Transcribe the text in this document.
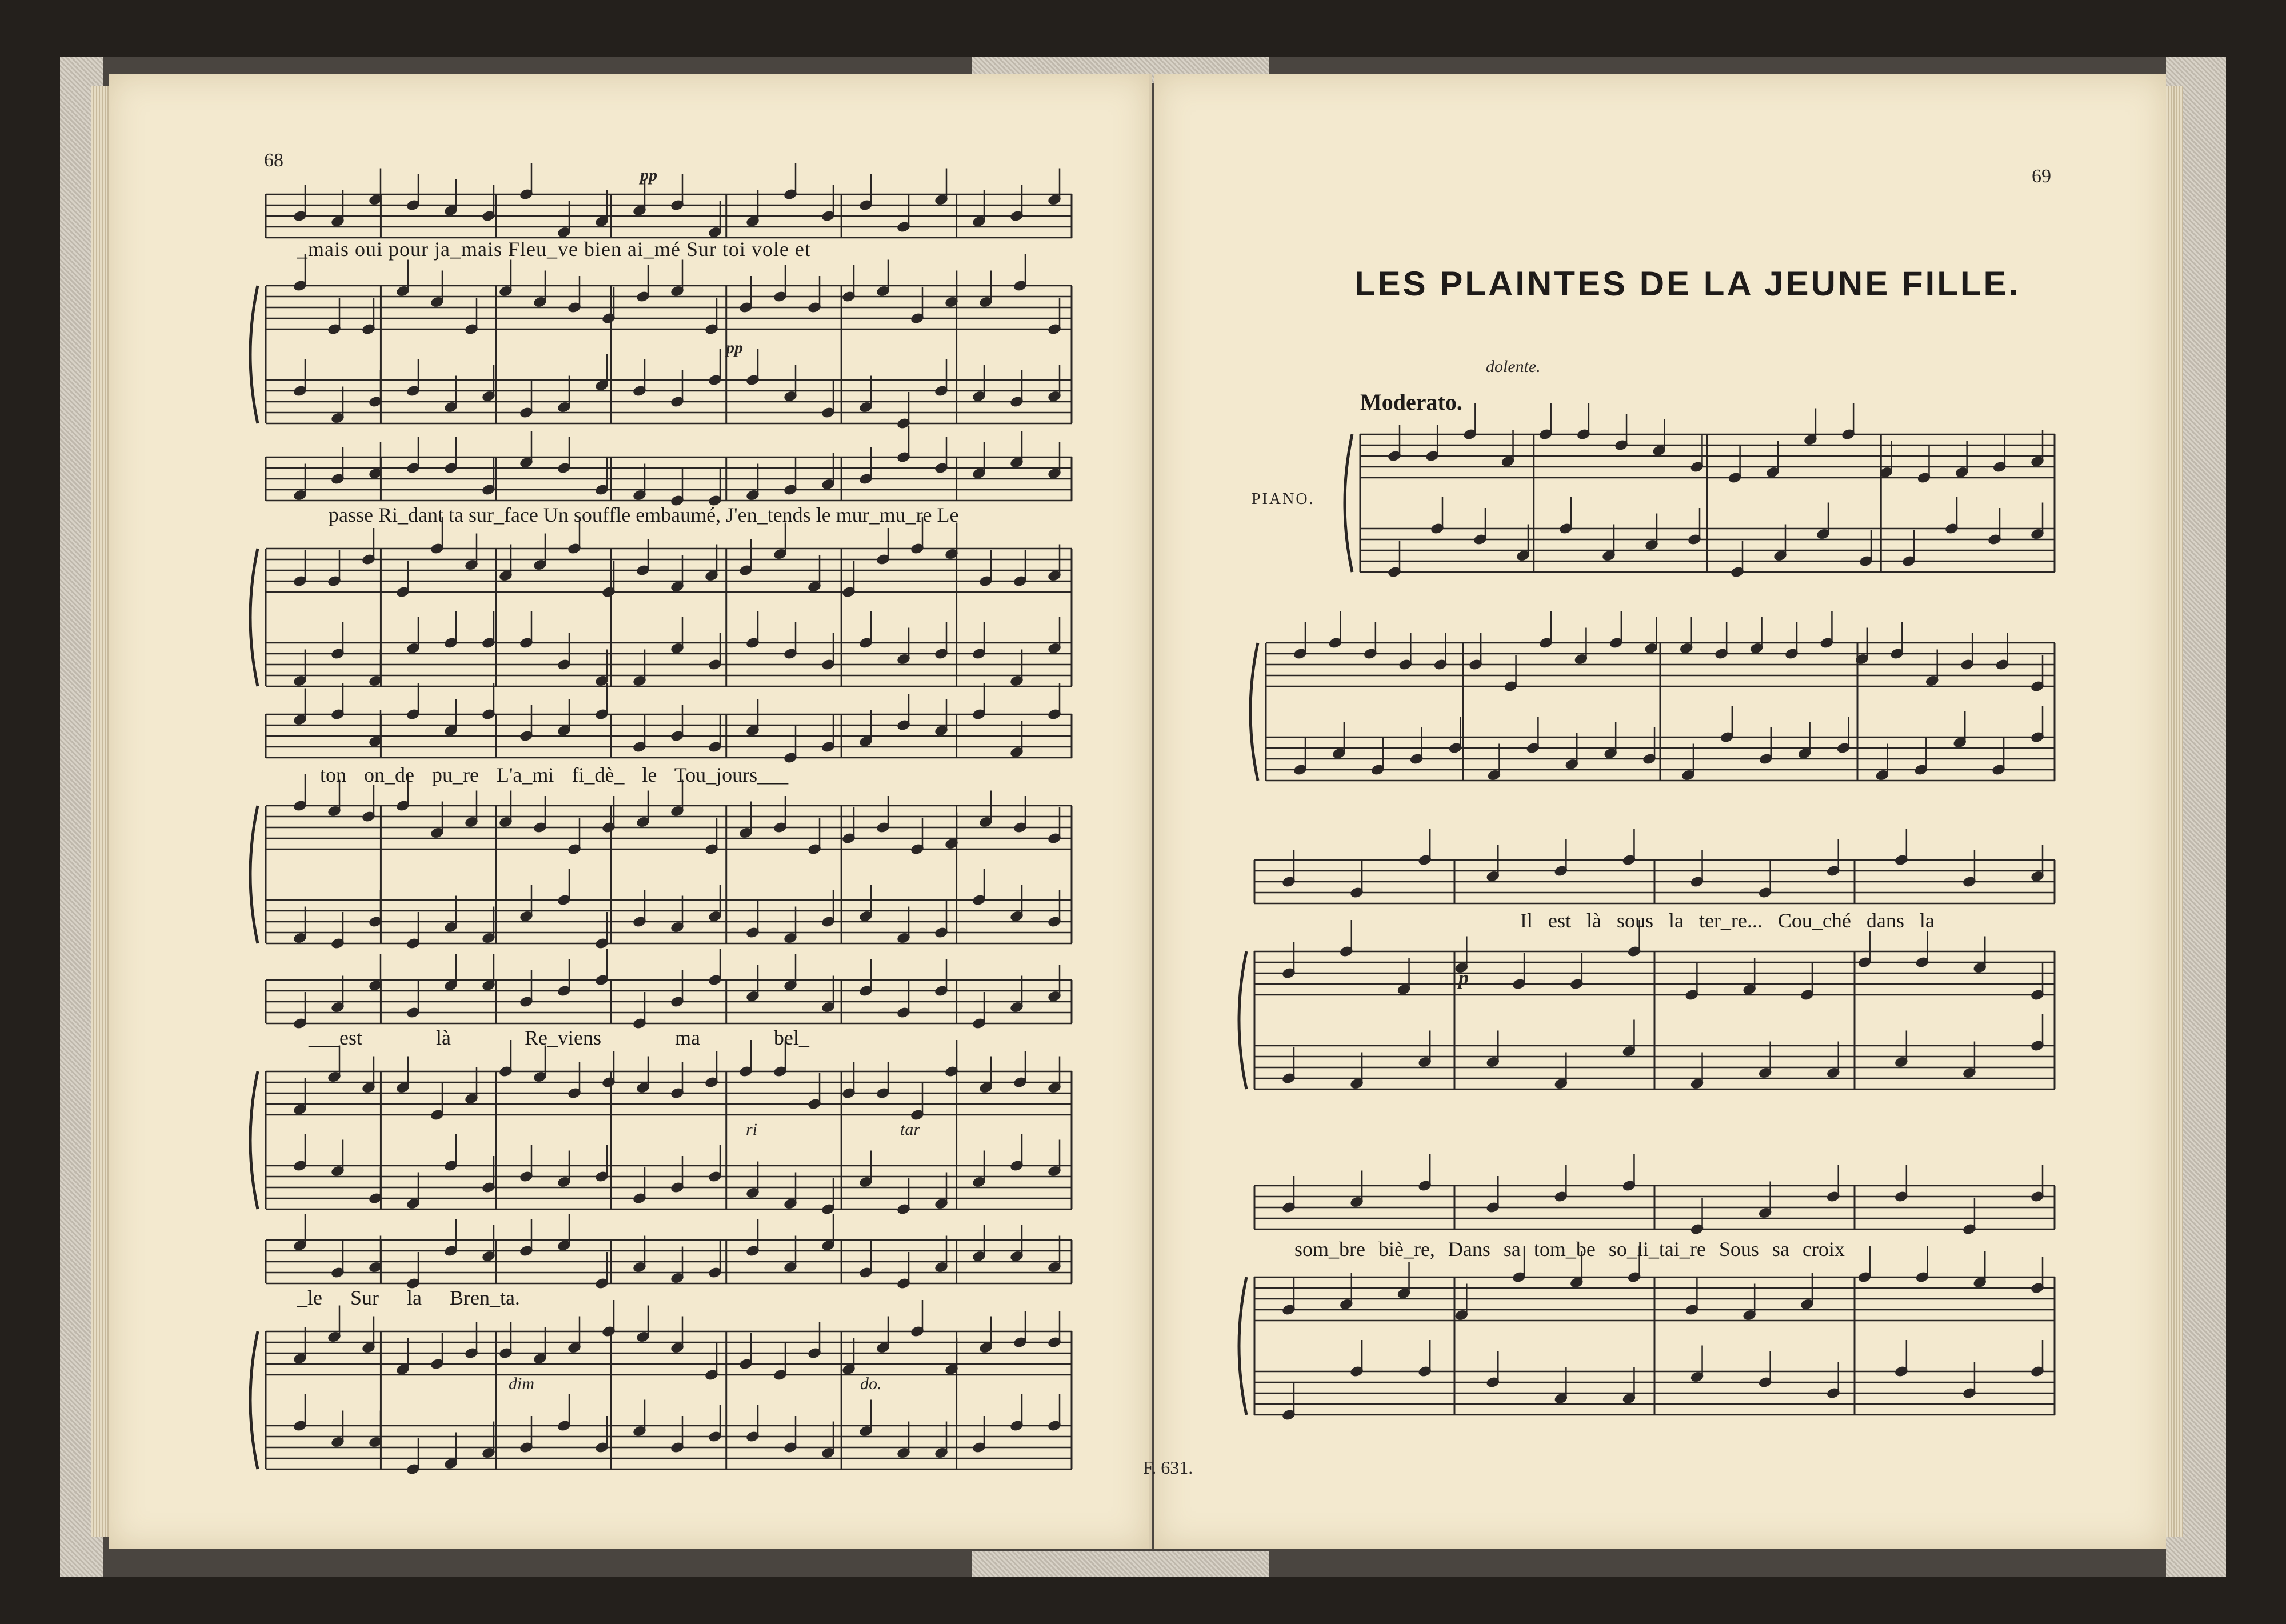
68
pp
pp
ri	tar
dim	do.
_mais oui pour ja_mais Fleu_ve bien ai_mé Sur toi vole et
passe Ri_dant ta sur_face Un souffle embaumé, J'en_tends le mur_mu_re Le
ton on_de pu_re L'a_mi fi_dè_ le Tou_jours___
___est là Re_viens ma bel_
_le Sur la Bren_ta.
69
LES PLAINTES DE LA JEUNE FILLE.
dolente.
Moderato.
PIANO.
p
Il est là sous la ter_re... Cou_ché dans la
som_bre biè_re, Dans sa tom_be so_li_tai_re Sous sa croix
F. 631.
